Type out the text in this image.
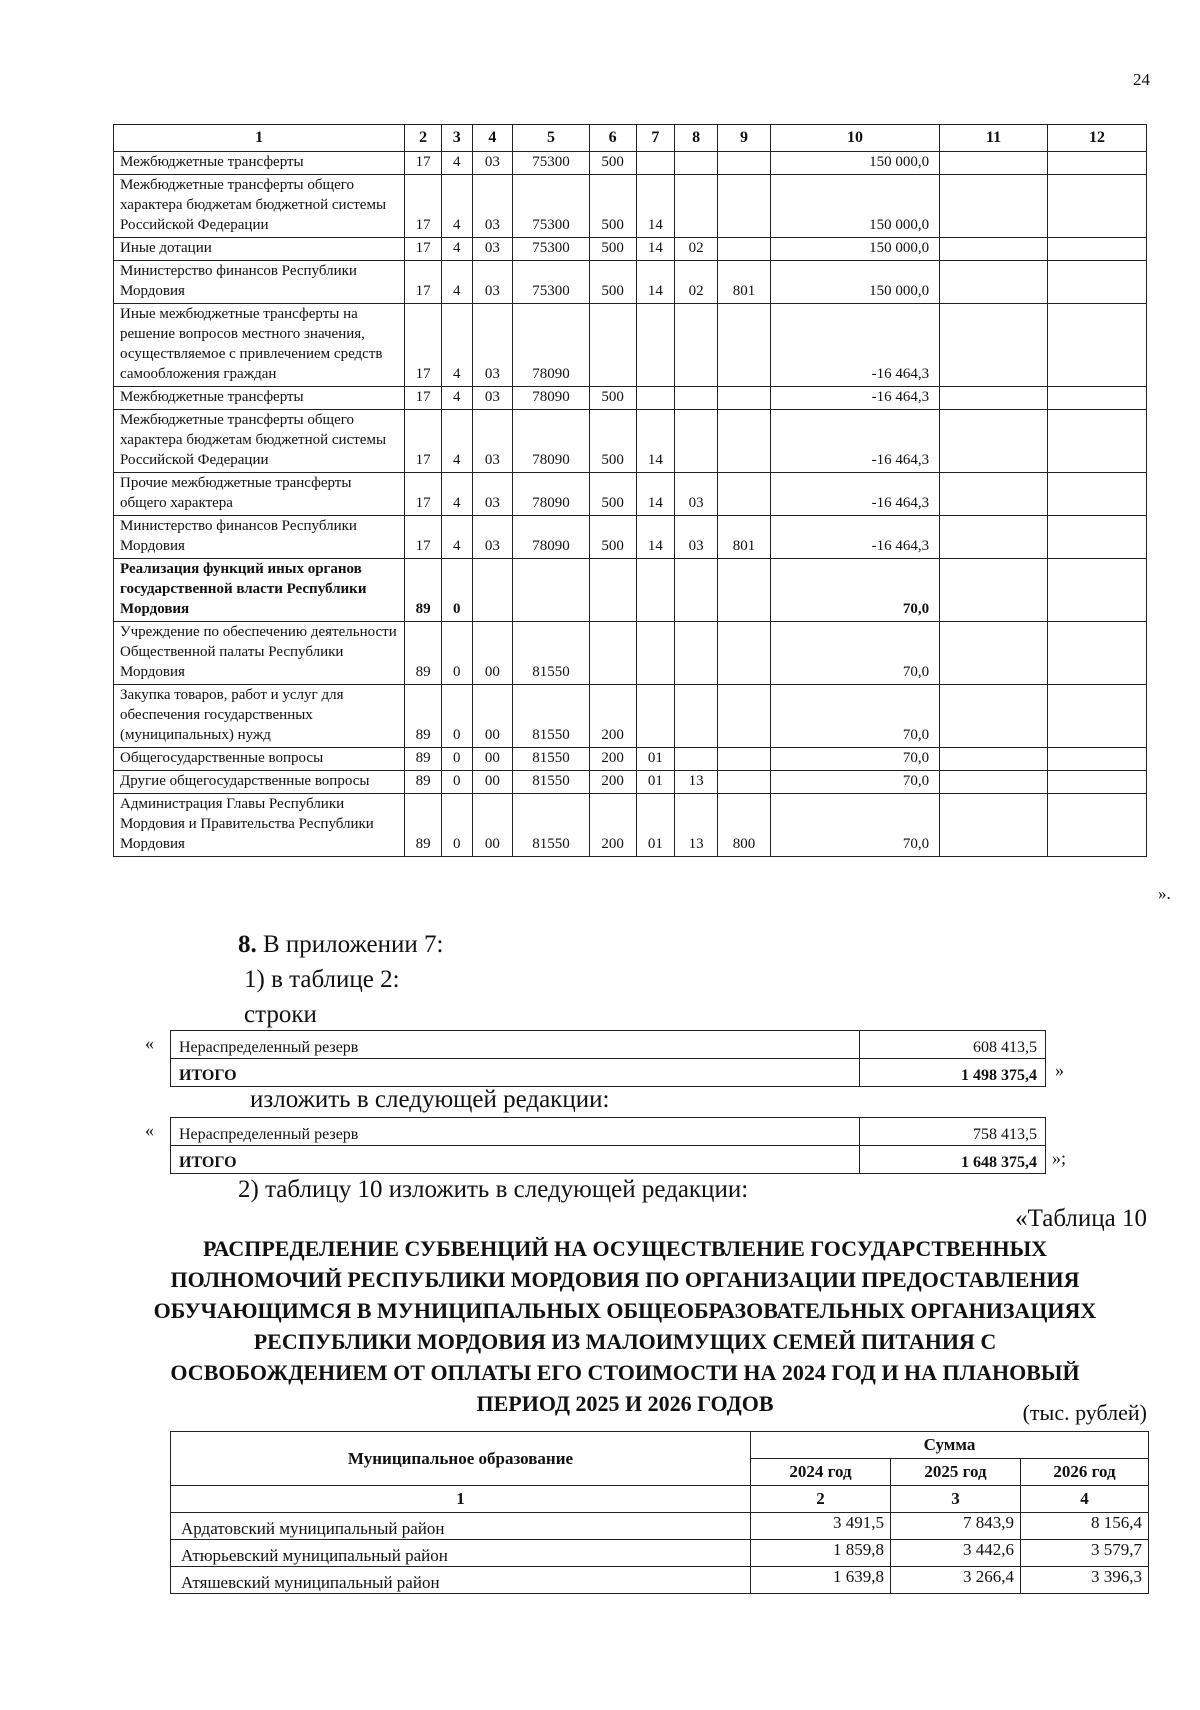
24
1	2	3	4	5	6	7	8	9	10	11	12
Межбюджетные трансферты	17	4	03	75300	500				150 000,0		
Межбюджетные трансферты общего характера бюджетам бюджетной системы Российской Федерации	17	4	03	75300	500	14			150 000,0		
Иные дотации	17	4	03	75300	500	14	02		150 000,0		
Министерство финансов Республики Мордовия	17	4	03	75300	500	14	02	801	150 000,0		
Иные межбюджетные трансферты на решение вопросов местного значения, осуществляемое с привлечением средств самообложения граждан	17	4	03	78090					-16 464,3		
Межбюджетные трансферты	17	4	03	78090	500				-16 464,3		
Межбюджетные трансферты общего характера бюджетам бюджетной системы Российской Федерации	17	4	03	78090	500	14			-16 464,3		
Прочие межбюджетные трансферты общего характера	17	4	03	78090	500	14	03		-16 464,3		
Министерство финансов Республики Мордовия	17	4	03	78090	500	14	03	801	-16 464,3		
Реализация функций иных органов государственной власти Республики Мордовия	89	0							70,0		
Учреждение по обеспечению деятельности Общественной палаты Республики Мордовия	89	0	00	81550					70,0		
Закупка товаров, работ и услуг для обеспечения государственных (муниципальных) нужд	89	0	00	81550	200				70,0		
Общегосударственные вопросы	89	0	00	81550	200	01			70,0		
Другие общегосударственные вопросы	89	0	00	81550	200	01	13		70,0		
Администрация Главы Республики Мордовия и Правительства Республики Мордовия	89	0	00	81550	200	01	13	800	70,0		
».
8. В приложении 7:
1) в таблице 2:
строки
« Нераспределенный резерв	608 413,5
ИТОГО	1 498 375,4 »
изложить в следующей редакции:
« Нераспределенный резерв	758 413,5
ИТОГО	1 648 375,4 »;
2) таблицу 10 изложить в следующей редакции:
«Таблица 10
РАСПРЕДЕЛЕНИЕ СУБВЕНЦИЙ НА ОСУЩЕСТВЛЕНИЕ ГОСУДАРСТВЕННЫХ ПОЛНОМОЧИЙ РЕСПУБЛИКИ МОРДОВИЯ ПО ОРГАНИЗАЦИИ ПРЕДОСТАВЛЕНИЯ ОБУЧАЮЩИМСЯ В МУНИЦИПАЛЬНЫХ ОБЩЕОБРАЗОВАТЕЛЬНЫХ ОРГАНИЗАЦИЯХ РЕСПУБЛИКИ МОРДОВИЯ ИЗ МАЛОИМУЩИХ СЕМЕЙ ПИТАНИЯ С ОСВОБОЖДЕНИЕМ ОТ ОПЛАТЫ ЕГО СТОИМОСТИ НА 2024 ГОД И НА ПЛАНОВЫЙ ПЕРИОД 2025 И 2026 ГОДОВ	(тыс. рублей)
Муниципальное образование	Сумма		
	2024 год	2025 год	2026 год
1	2	3	4
Ардатовский муниципальный район	3 491,5	7 843,9	8 156,4
Атюрьевский муниципальный район	1 859,8	3 442,6	3 579,7
Атяшевский муниципальный район	1 639,8	3 266,4	3 396,3
